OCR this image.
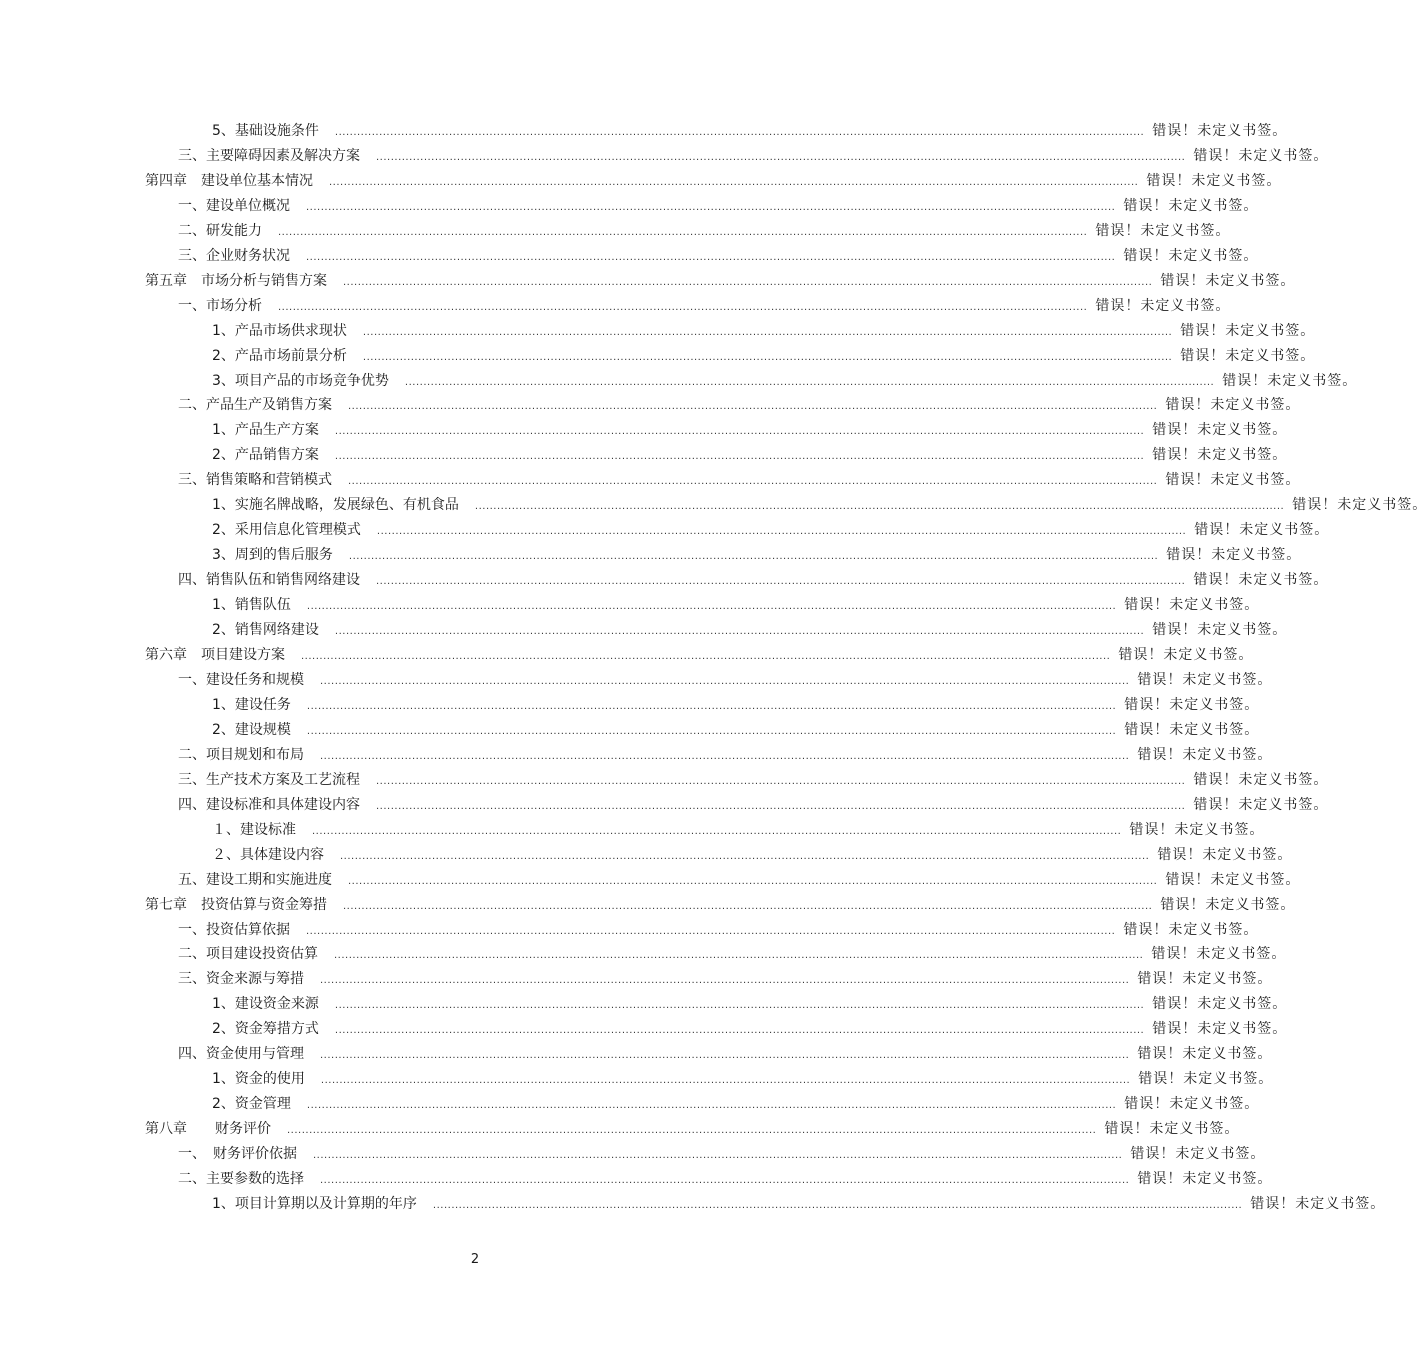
5、基础设施条件 ............................................................................................................................................................................................................................ 错误！未定义书签。
三、主要障碍因素及解决方案 ............................................................................................................................................................................................................................ 错误！未定义书签。
第四章　建设单位基本情况 ............................................................................................................................................................................................................................ 错误！未定义书签。
一、建设单位概况 ............................................................................................................................................................................................................................ 错误！未定义书签。
二、研发能力 ............................................................................................................................................................................................................................ 错误！未定义书签。
三、企业财务状况 ............................................................................................................................................................................................................................ 错误！未定义书签。
第五章　市场分析与销售方案 ............................................................................................................................................................................................................................ 错误！未定义书签。
一、市场分析 ............................................................................................................................................................................................................................ 错误！未定义书签。
1、产品市场供求现状 ............................................................................................................................................................................................................................ 错误！未定义书签。
2、产品市场前景分析 ............................................................................................................................................................................................................................ 错误！未定义书签。
3、项目产品的市场竞争优势 ............................................................................................................................................................................................................................ 错误！未定义书签。
二、产品生产及销售方案 ............................................................................................................................................................................................................................ 错误！未定义书签。
1、产品生产方案 ............................................................................................................................................................................................................................ 错误！未定义书签。
2、产品销售方案 ............................................................................................................................................................................................................................ 错误！未定义书签。
三、销售策略和营销模式 ............................................................................................................................................................................................................................ 错误！未定义书签。
1、实施名牌战略，发展绿色、有机食品 ............................................................................................................................................................................................................................ 错误！未定义书签。
2、采用信息化管理模式 ............................................................................................................................................................................................................................ 错误！未定义书签。
3、周到的售后服务 ............................................................................................................................................................................................................................ 错误！未定义书签。
四、销售队伍和销售网络建设 ............................................................................................................................................................................................................................ 错误！未定义书签。
1、销售队伍 ............................................................................................................................................................................................................................ 错误！未定义书签。
2、销售网络建设 ............................................................................................................................................................................................................................ 错误！未定义书签。
第六章　项目建设方案 ............................................................................................................................................................................................................................ 错误！未定义书签。
一、建设任务和规模 ............................................................................................................................................................................................................................ 错误！未定义书签。
1、建设任务 ............................................................................................................................................................................................................................ 错误！未定义书签。
2、建设规模 ............................................................................................................................................................................................................................ 错误！未定义书签。
二、项目规划和布局 ............................................................................................................................................................................................................................ 错误！未定义书签。
三、生产技术方案及工艺流程 ............................................................................................................................................................................................................................ 错误！未定义书签。
四、建设标准和具体建设内容 ............................................................................................................................................................................................................................ 错误！未定义书签。
１、建设标准 ............................................................................................................................................................................................................................ 错误！未定义书签。
２、具体建设内容 ............................................................................................................................................................................................................................ 错误！未定义书签。
五、建设工期和实施进度 ............................................................................................................................................................................................................................ 错误！未定义书签。
第七章　投资估算与资金筹措 ............................................................................................................................................................................................................................ 错误！未定义书签。
一、投资估算依据 ............................................................................................................................................................................................................................ 错误！未定义书签。
二、项目建设投资估算 ............................................................................................................................................................................................................................ 错误！未定义书签。
三、资金来源与筹措 ............................................................................................................................................................................................................................ 错误！未定义书签。
1、建设资金来源 ............................................................................................................................................................................................................................ 错误！未定义书签。
2、资金筹措方式 ............................................................................................................................................................................................................................ 错误！未定义书签。
四、资金使用与管理 ............................................................................................................................................................................................................................ 错误！未定义书签。
1、资金的使用 ............................................................................................................................................................................................................................ 错误！未定义书签。
2、资金管理 ............................................................................................................................................................................................................................ 错误！未定义书签。
第八章　　财务评价 ............................................................................................................................................................................................................................ 错误！未定义书签。
一、　财务评价依据 ............................................................................................................................................................................................................................ 错误！未定义书签。
二、主要参数的选择 ............................................................................................................................................................................................................................ 错误！未定义书签。
1、项目计算期以及计算期的年序 ............................................................................................................................................................................................................................ 错误！未定义书签。
2
